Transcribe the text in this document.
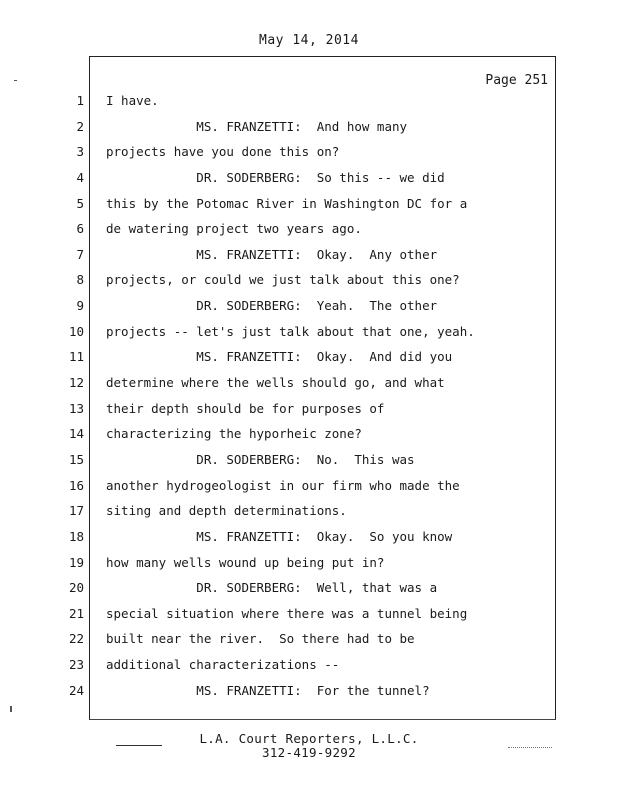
May 14, 2014
Page 251
1
2
3
4
5
6
7
8
9
10
11
12
13
14
15
16
17
18
19
20
21
22
23
24
I have.
MS. FRANZETTI:  And how many
projects have you done this on?
DR. SODERBERG:  So this -- we did
this by the Potomac River in Washington DC for a
de watering project two years ago.
MS. FRANZETTI:  Okay.  Any other
projects, or could we just talk about this one?
DR. SODERBERG:  Yeah.  The other
projects -- let's just talk about that one, yeah.
MS. FRANZETTI:  Okay.  And did you
determine where the wells should go, and what
their depth should be for purposes of
characterizing the hyporheic zone?
DR. SODERBERG:  No.  This was
another hydrogeologist in our firm who made the
siting and depth determinations.
MS. FRANZETTI:  Okay.  So you know
how many wells wound up being put in?
DR. SODERBERG:  Well, that was a
special situation where there was a tunnel being
built near the river.  So there had to be
additional characterizations --
MS. FRANZETTI:  For the tunnel?
L.A. Court Reporters, L.L.C.
312-419-9292
